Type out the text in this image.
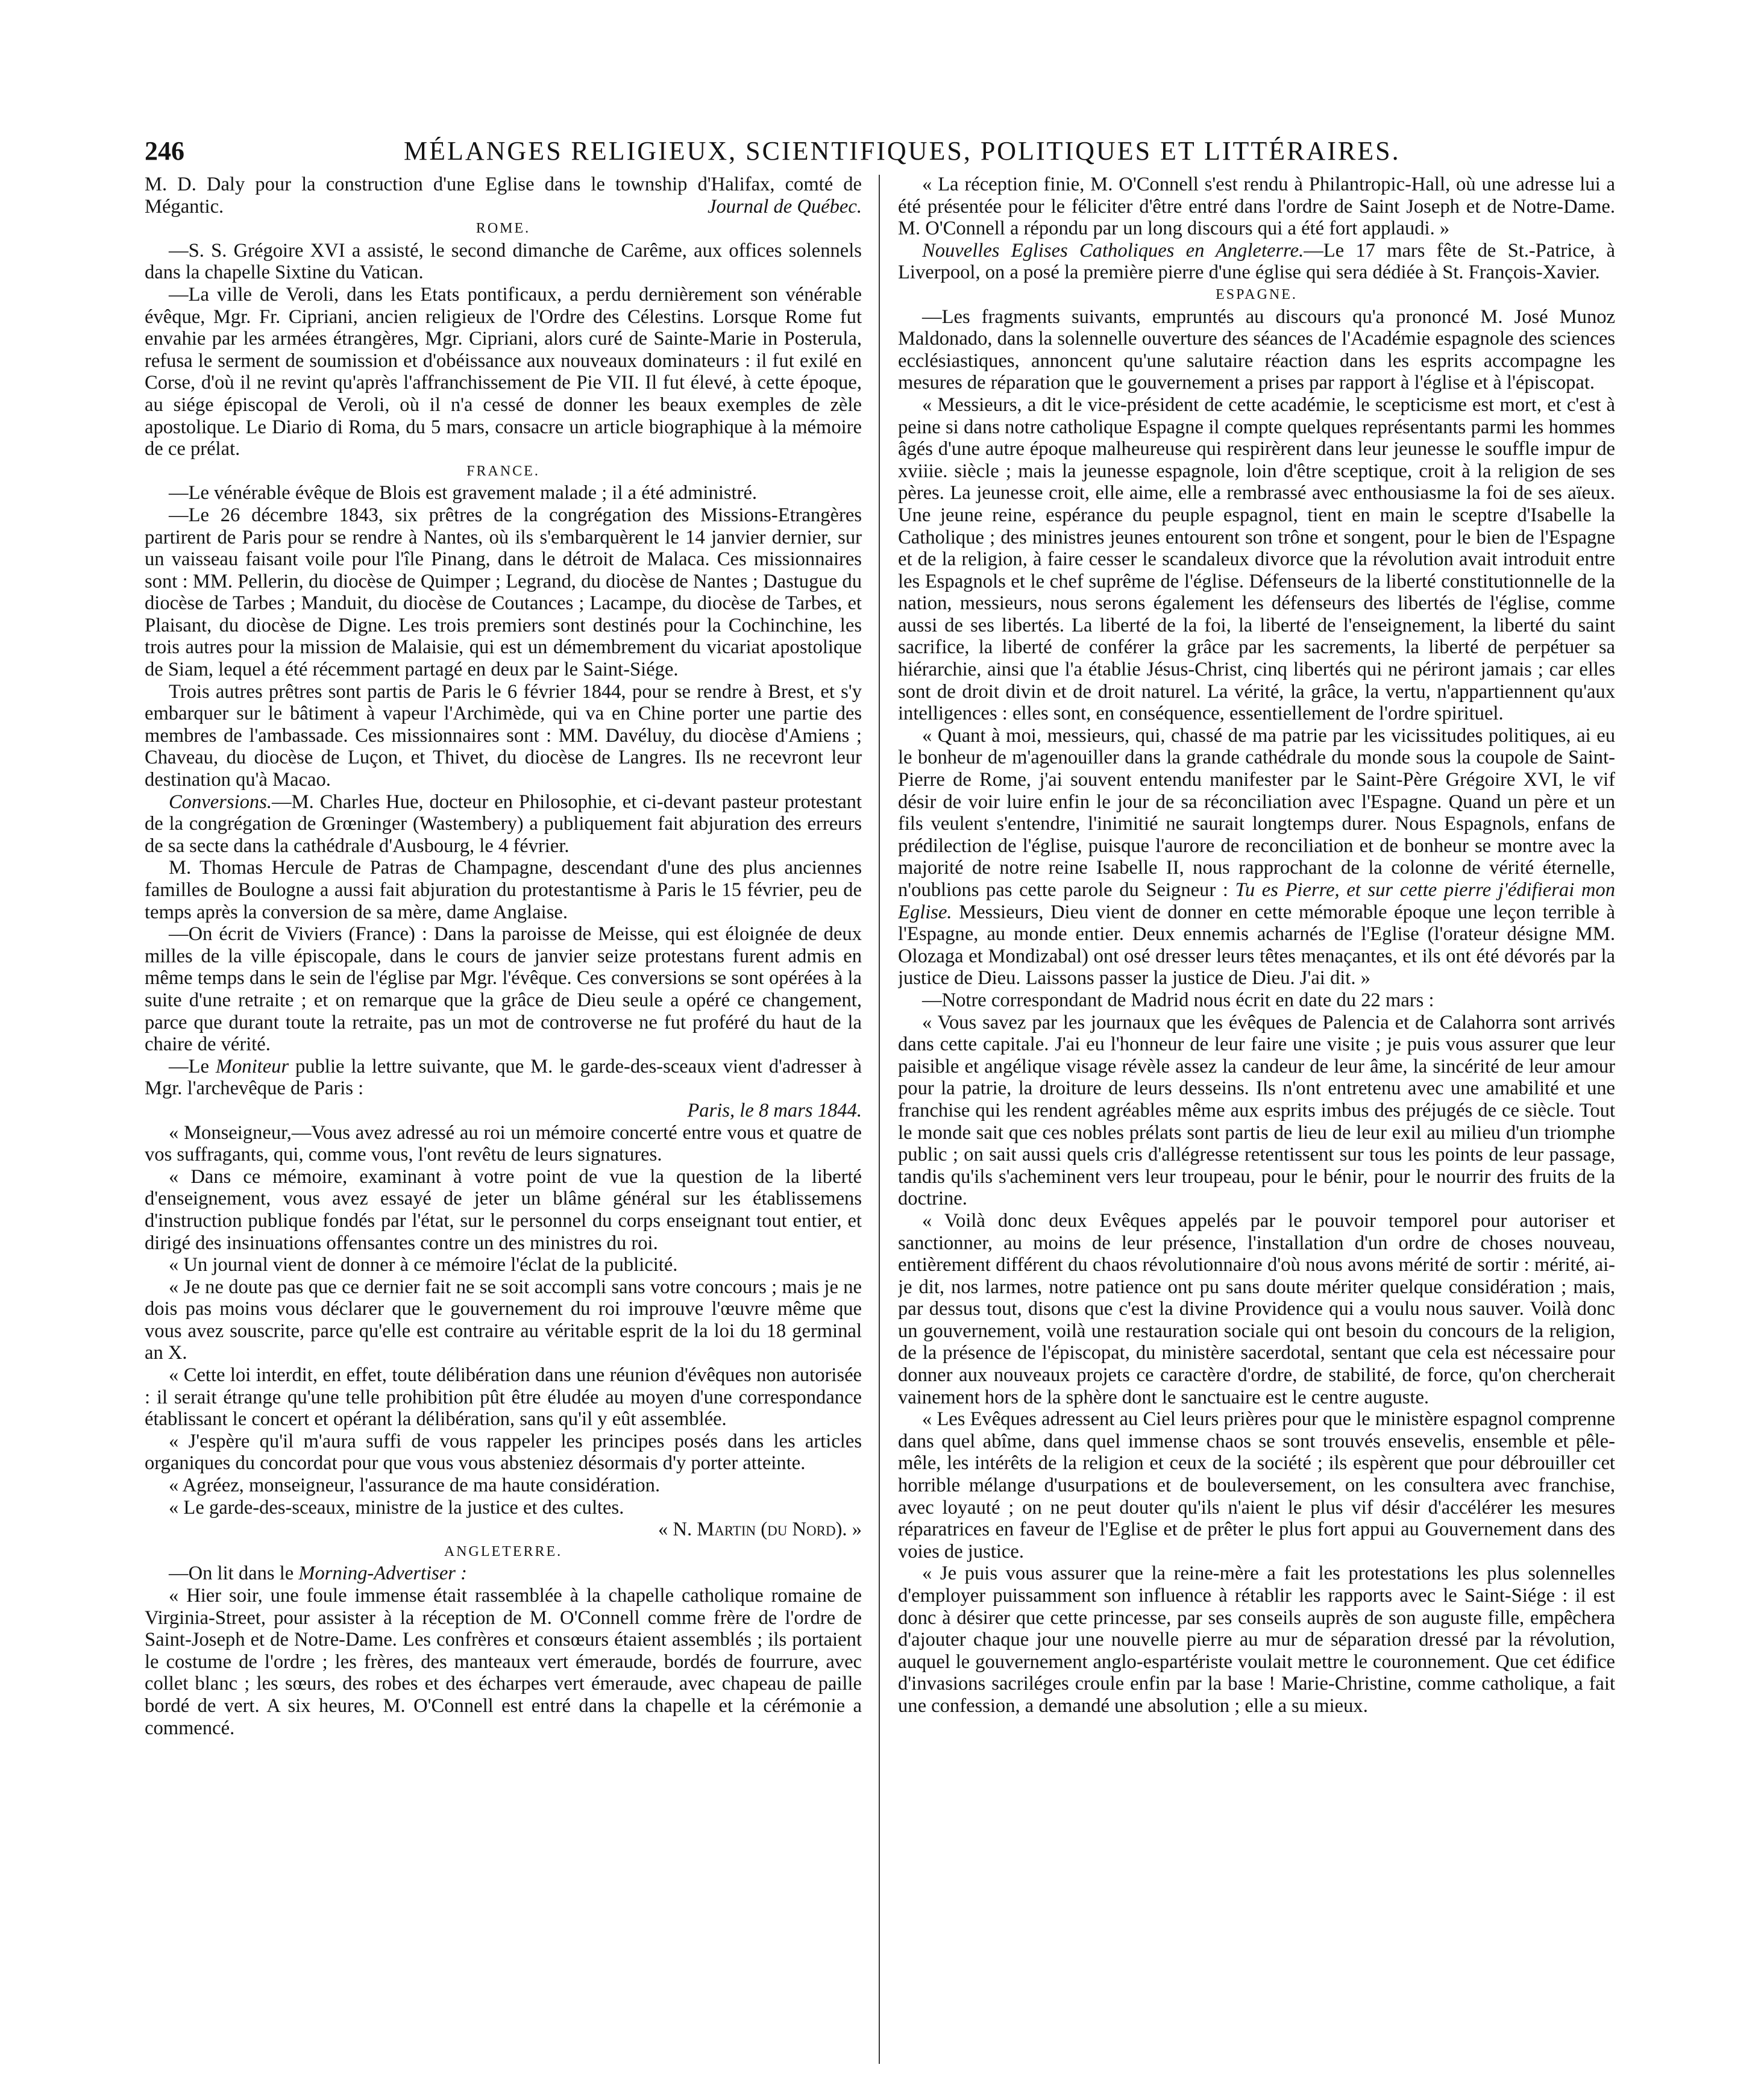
246	MÉLANGES RELIGIEUX, SCIENTIFIQUES, POLITIQUES ET LITTÉRAIRES.

M. D. Daly pour la construction d'une Eglise dans le township d'Halifax, comté de Mégantic.	Journal de Québec.

ROME.

—S. S. Grégoire XVI a assisté, le second dimanche de Carême, aux offices solennels dans la chapelle Sixtine du Vatican.

—La ville de Veroli, dans les Etats pontificaux, a perdu dernièrement son vénérable évêque, Mgr. Fr. Cipriani, ancien religieux de l'Ordre des Célestins. Lorsque Rome fut envahie par les armées étrangères, Mgr. Cipriani, alors curé de Sainte-Marie in Posterula, refusa le serment de soumission et d'obéissance aux nouveaux dominateurs : il fut exilé en Corse, d'où il ne revint qu'après l'affranchissement de Pie VII. Il fut élevé, à cette époque, au siége épiscopal de Veroli, où il n'a cessé de donner les beaux exemples de zèle apostolique. Le Diario di Roma, du 5 mars, consacre un article biographique à la mémoire de ce prélat.

FRANCE.

—Le vénérable évêque de Blois est gravement malade ; il a été administré.

—Le 26 décembre 1843, six prêtres de la congrégation des Missions-Etrangères partirent de Paris pour se rendre à Nantes, où ils s'embarquèrent le 14 janvier dernier, sur un vaisseau faisant voile pour l'île Pinang, dans le détroit de Malaca. Ces missionnaires sont : MM. Pellerin, du diocèse de Quimper ; Legrand, du diocèse de Nantes ; Dastugue du diocèse de Tarbes ; Manduit, du diocèse de Coutances ; Lacampe, du diocèse de Tarbes, et Plaisant, du diocèse de Digne. Les trois premiers sont destinés pour la Cochinchine, les trois autres pour la mission de Malaisie, qui est un démembrement du vicariat apostolique de Siam, lequel a été récemment partagé en deux par le Saint-Siége.

Trois autres prêtres sont partis de Paris le 6 février 1844, pour se rendre à Brest, et s'y embarquer sur le bâtiment à vapeur l'Archimède, qui va en Chine porter une partie des membres de l'ambassade. Ces missionnaires sont : MM. Davéluy, du diocèse d'Amiens ; Chaveau, du diocèse de Luçon, et Thivet, du diocèse de Langres. Ils ne recevront leur destination qu'à Macao.

Conversions.—M. Charles Hue, docteur en Philosophie, et ci-devant pasteur protestant de la congrégation de Grœninger (Wastembery) a publiquement fait abjuration des erreurs de sa secte dans la cathédrale d'Ausbourg, le 4 février.

M. Thomas Hercule de Patras de Champagne, descendant d'une des plus anciennes familles de Boulogne a aussi fait abjuration du protestantisme à Paris le 15 février, peu de temps après la conversion de sa mère, dame Anglaise.

—On écrit de Viviers (France) : Dans la paroisse de Meisse, qui est éloignée de deux milles de la ville épiscopale, dans le cours de janvier seize protestans furent admis en même temps dans le sein de l'église par Mgr. l'évêque. Ces conversions se sont opérées à la suite d'une retraite ; et on remarque que la grâce de Dieu seule a opéré ce changement, parce que durant toute la retraite, pas un mot de controverse ne fut proféré du haut de la chaire de vérité.

—Le Moniteur publie la lettre suivante, que M. le garde-des-sceaux vient d'adresser à Mgr. l'archevêque de Paris :

Paris, le 8 mars 1844.

« Monseigneur,—Vous avez adressé au roi un mémoire concerté entre vous et quatre de vos suffragants, qui, comme vous, l'ont revêtu de leurs signatures.

« Dans ce mémoire, examinant à votre point de vue la question de la liberté d'enseignement, vous avez essayé de jeter un blâme général sur les établissemens d'instruction publique fondés par l'état, sur le personnel du corps enseignant tout entier, et dirigé des insinuations offensantes contre un des ministres du roi.

« Un journal vient de donner à ce mémoire l'éclat de la publicité.

« Je ne doute pas que ce dernier fait ne se soit accompli sans votre concours ; mais je ne dois pas moins vous déclarer que le gouvernement du roi improuve l'œuvre même que vous avez souscrite, parce qu'elle est contraire au véritable esprit de la loi du 18 germinal an X.

« Cette loi interdit, en effet, toute délibération dans une réunion d'évêques non autorisée : il serait étrange qu'une telle prohibition pût être éludée au moyen d'une correspondance établissant le concert et opérant la délibération, sans qu'il y eût assemblée.

« J'espère qu'il m'aura suffi de vous rappeler les principes posés dans les articles organiques du concordat pour que vous vous absteniez désormais d'y porter atteinte.

« Agréez, monseigneur, l'assurance de ma haute considération.

« Le garde-des-sceaux, ministre de la justice et des cultes.

« N. Martin (du Nord). »

ANGLETERRE.

—On lit dans le Morning-Advertiser :

« Hier soir, une foule immense était rassemblée à la chapelle catholique romaine de Virginia-Street, pour assister à la réception de M. O'Connell comme frère de l'ordre de Saint-Joseph et de Notre-Dame. Les confrères et consœurs étaient assemblés ; ils portaient le costume de l'ordre ; les frères, des manteaux vert émeraude, bordés de fourrure, avec collet blanc ; les sœurs, des robes et des écharpes vert émeraude, avec chapeau de paille bordé de vert. A six heures, M. O'Connell est entré dans la chapelle et la cérémonie a commencé.

« La réception finie, M. O'Connell s'est rendu à Philantropic-Hall, où une adresse lui a été présentée pour le féliciter d'être entré dans l'ordre de Saint Joseph et de Notre-Dame. M. O'Connell a répondu par un long discours qui a été fort applaudi. »

Nouvelles Eglises Catholiques en Angleterre.—Le 17 mars fête de St.-Patrice, à Liverpool, on a posé la première pierre d'une église qui sera dédiée à St. François-Xavier.

ESPAGNE.

—Les fragments suivants, empruntés au discours qu'a prononcé M. José Munoz Maldonado, dans la solennelle ouverture des séances de l'Académie espagnole des sciences ecclésiastiques, annoncent qu'une salutaire réaction dans les esprits accompagne les mesures de réparation que le gouvernement a prises par rapport à l'église et à l'épiscopat.

« Messieurs, a dit le vice-président de cette académie, le scepticisme est mort, et c'est à peine si dans notre catholique Espagne il compte quelques représentants parmi les hommes âgés d'une autre époque malheureuse qui respirèrent dans leur jeunesse le souffle impur de xviiie. siècle ; mais la jeunesse espagnole, loin d'être sceptique, croit à la religion de ses pères. La jeunesse croit, elle aime, elle a rembrassé avec enthousiasme la foi de ses aïeux. Une jeune reine, espérance du peuple espagnol, tient en main le sceptre d'Isabelle la Catholique ; des ministres jeunes entourent son trône et songent, pour le bien de l'Espagne et de la religion, à faire cesser le scandaleux divorce que la révolution avait introduit entre les Espagnols et le chef suprême de l'église. Défenseurs de la liberté constitutionnelle de la nation, messieurs, nous serons également les défenseurs des libertés de l'église, comme aussi de ses libertés. La liberté de la foi, la liberté de l'enseignement, la liberté du saint sacrifice, la liberté de conférer la grâce par les sacrements, la liberté de perpétuer sa hiérarchie, ainsi que l'a établie Jésus-Christ, cinq libertés qui ne périront jamais ; car elles sont de droit divin et de droit naturel. La vérité, la grâce, la vertu, n'appartiennent qu'aux intelligences : elles sont, en conséquence, essentiellement de l'ordre spirituel.

« Quant à moi, messieurs, qui, chassé de ma patrie par les vicissitudes politiques, ai eu le bonheur de m'agenouiller dans la grande cathédrale du monde sous la coupole de Saint-Pierre de Rome, j'ai souvent entendu manifester par le Saint-Père Grégoire XVI, le vif désir de voir luire enfin le jour de sa réconciliation avec l'Espagne. Quand un père et un fils veulent s'entendre, l'inimitié ne saurait longtemps durer. Nous Espagnols, enfans de prédilection de l'église, puisque l'aurore de reconciliation et de bonheur se montre avec la majorité de notre reine Isabelle II, nous rapprochant de la colonne de vérité éternelle, n'oublions pas cette parole du Seigneur : Tu es Pierre, et sur cette pierre j'édifierai mon Eglise. Messieurs, Dieu vient de donner en cette mémorable époque une leçon terrible à l'Espagne, au monde entier. Deux ennemis acharnés de l'Eglise (l'orateur désigne MM. Olozaga et Mondizabal) ont osé dresser leurs têtes menaçantes, et ils ont été dévorés par la justice de Dieu. Laissons passer la justice de Dieu. J'ai dit. »

—Notre correspondant de Madrid nous écrit en date du 22 mars :

« Vous savez par les journaux que les évêques de Palencia et de Calahorra sont arrivés dans cette capitale. J'ai eu l'honneur de leur faire une visite ; je puis vous assurer que leur paisible et angélique visage révèle assez la candeur de leur âme, la sincérité de leur amour pour la patrie, la droiture de leurs desseins. Ils n'ont entretenu avec une amabilité et une franchise qui les rendent agréables même aux esprits imbus des préjugés de ce siècle. Tout le monde sait que ces nobles prélats sont partis de lieu de leur exil au milieu d'un triomphe public ; on sait aussi quels cris d'allégresse retentissent sur tous les points de leur passage, tandis qu'ils s'acheminent vers leur troupeau, pour le bénir, pour le nourrir des fruits de la doctrine.

« Voilà donc deux Evêques appelés par le pouvoir temporel pour autoriser et sanctionner, au moins de leur présence, l'installation d'un ordre de choses nouveau, entièrement différent du chaos révolutionnaire d'où nous avons mérité de sortir : mérité, ai-je dit, nos larmes, notre patience ont pu sans doute mériter quelque considération ; mais, par dessus tout, disons que c'est la divine Providence qui a voulu nous sauver. Voilà donc un gouvernement, voilà une restauration sociale qui ont besoin du concours de la religion, de la présence de l'épiscopat, du ministère sacerdotal, sentant que cela est nécessaire pour donner aux nouveaux projets ce caractère d'ordre, de stabilité, de force, qu'on chercherait vainement hors de la sphère dont le sanctuaire est le centre auguste.

« Les Evêques adressent au Ciel leurs prières pour que le ministère espagnol comprenne dans quel abîme, dans quel immense chaos se sont trouvés ensevelis, ensemble et pêle-mêle, les intérêts de la religion et ceux de la société ; ils espèrent que pour débrouiller cet horrible mélange d'usurpations et de bouleversement, on les consultera avec franchise, avec loyauté ; on ne peut douter qu'ils n'aient le plus vif désir d'accélérer les mesures réparatrices en faveur de l'Eglise et de prêter le plus fort appui au Gouvernement dans des voies de justice.

« Je puis vous assurer que la reine-mère a fait les protestations les plus solennelles d'employer puissamment son influence à rétablir les rapports avec le Saint-Siége : il est donc à désirer que cette princesse, par ses conseils auprès de son auguste fille, empêchera d'ajouter chaque jour une nouvelle pierre au mur de séparation dressé par la révolution, auquel le gouvernement anglo-espartériste voulait mettre le couronnement. Que cet édifice d'invasions sacriléges croule enfin par la base ! Marie-Christine, comme catholique, a fait une confession, a demandé une absolution ; elle a su mieux.
